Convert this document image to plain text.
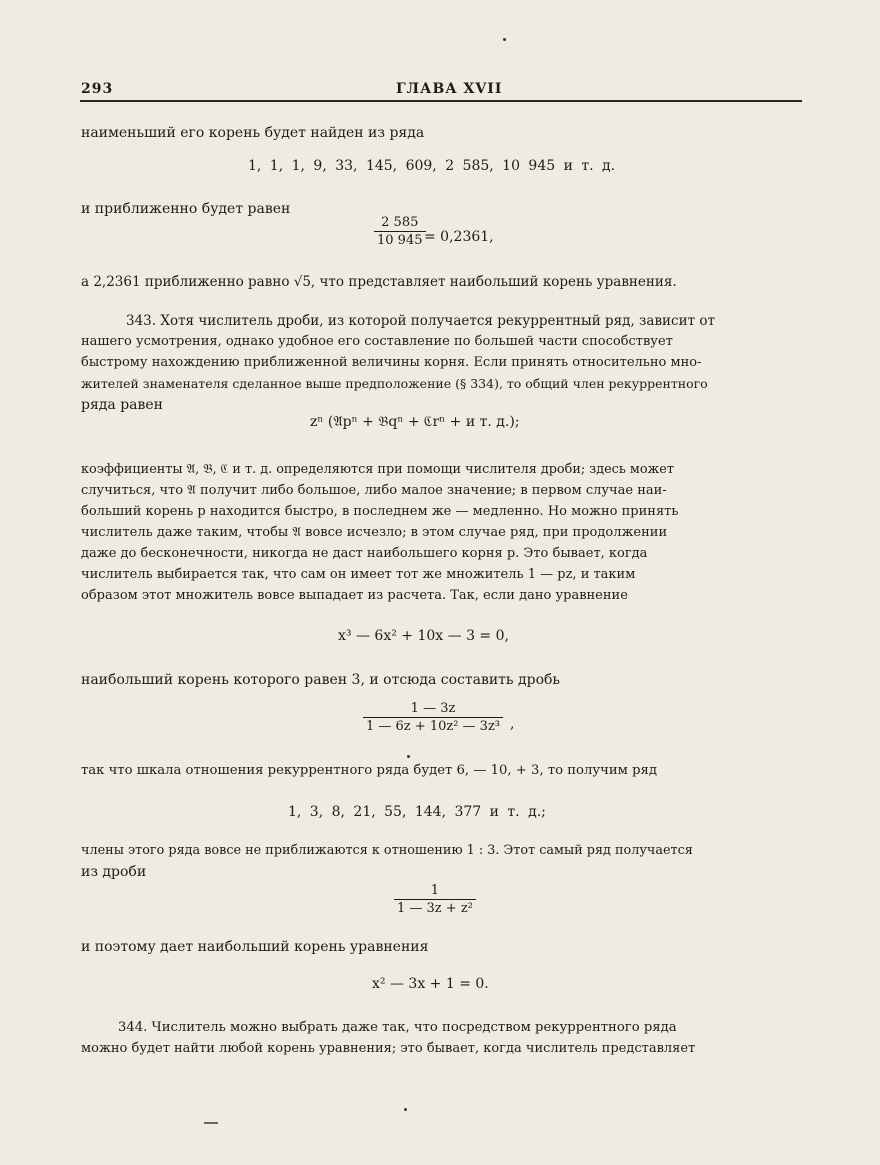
293	ГЛАВА XVII
наименьший его корень будет найден из ряда
1, 1, 1, 9, 33, 145, 609, 2 585, 10 945 и т. д.
и приближенно будет равен
$\frac{2 585}{10 945}$
= 0,2361,
а 2,2361 приближенно равно √5, что представляет наибольший корень уравнения.
343. Хотя числитель дроби, из которой получается рекуррентный ряд, зависит от
нашего усмотрения, однако удобное его составление по большей части способствует
быстрому нахождению приближенной величины корня. Если принять относительно мно-
жителей знаменателя сделанное выше предположение (§ 334), то общий член рекуррентного
ряда равен
zⁿ (𝔄pⁿ + 𝔅qⁿ + ℭrⁿ + и т. д.);
коэффициенты 𝔄, 𝔅, ℭ и т. д. определяются при помощи числителя дроби; здесь может
случиться, что 𝔄 получит либо большое, либо малое значение; в первом случае наи-
больший корень p находится быстро, в последнем же — медленно. Но можно принять
числитель даже таким, чтобы 𝔄 вовсе исчезло; в этом случае ряд, при продолжении
даже до бесконечности, никогда не даст наибольшего корня p. Это бывает, когда
числитель выбирается так, что сам он имеет тот же множитель 1 — pz, и таким
образом этот множитель вовсе выпадает из расчета. Так, если дано уравнение
x³ — 6x² + 10x — 3 = 0,
наибольший корень которого равен 3, и отсюда составить дробь
$\frac{1 — 3z}{\text{1 — 6z + 10z² — 3z³}}$ ,
так что шкала отношения рекуррентного ряда будет 6, — 10, + 3, то получим ряд
1, 3, 8, 21, 55, 144, 377 и т. д.;
члены этого ряда вовсе не приближаются к отношению 1 : 3. Этот самый ряд получается
из дроби
$\frac{1}{\text{1 — 3z + z²}}$
и поэтому дает наибольший корень уравнения
x² — 3x + 1 = 0.
344. Числитель можно выбрать даже так, что посредством рекуррентного ряда
можно будет найти любой корень уравнения; это бывает, когда числитель представляет
